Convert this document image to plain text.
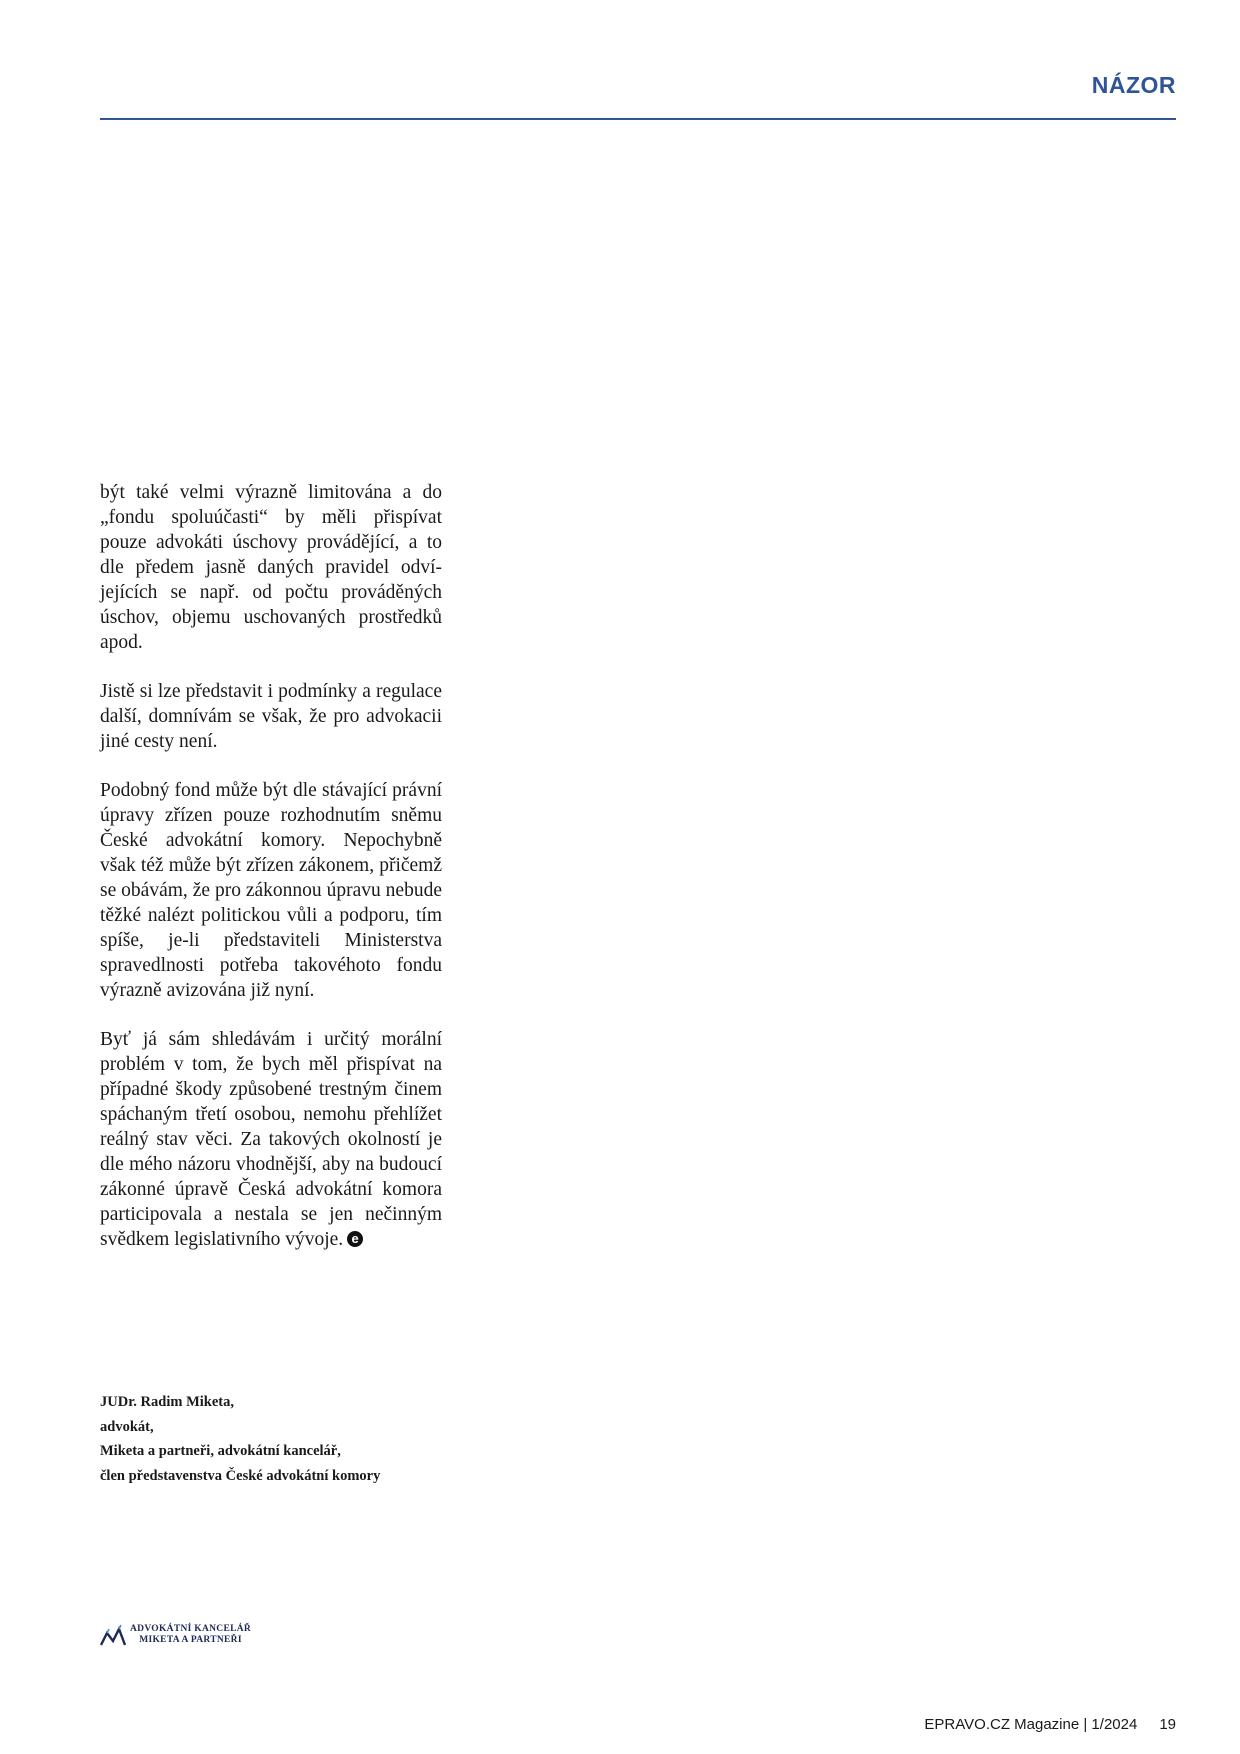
NÁZOR

být také velmi výrazně limitována a do „fondu spoluúčasti“ by měli přispívat pouze advokáti úschovy provádějící, a to dle předem jasně daných pravidel odvíjejících se např. od počtu prováděných úschov, objemu uschovaných prostředků apod.

Jistě si lze představit i podmínky a regulace další, domnívám se však, že pro advokacii jiné cesty není.

Podobný fond může být dle stávající právní úpravy zřízen pouze rozhodnutím sněmu České advokátní komory. Nepochybně však též může být zřízen zákonem, přičemž se obávám, že pro zákonnou úpravu nebude těžké nalézt politickou vůli a podporu, tím spíše, je-li představiteli Ministerstva spravedlnosti potřeba takovéhoto fondu výrazně avizována již nyní.

Byť já sám shledávám i určitý morální problém v tom, že bych měl přispívat na případné škody způsobené trestným činem spáchaným třetí osobou, nemohu přehlížet reálný stav věci. Za takových okolností je dle mého názoru vhodnější, aby na budoucí zákonné úpravě Česká advokátní komora participovala a nestala se jen nečinným svědkem legislativního vývoje. e

JUDr. Radim Miketa,
advokát,
Miketa a partneři, advokátní kancelář,
člen představenstva České advokátní komory
ADVOKÁTNÍ KANCELÁŘ
MIKETA A PARTNEŘI
EPRAVO.CZ Magazine | 1/2024 19
